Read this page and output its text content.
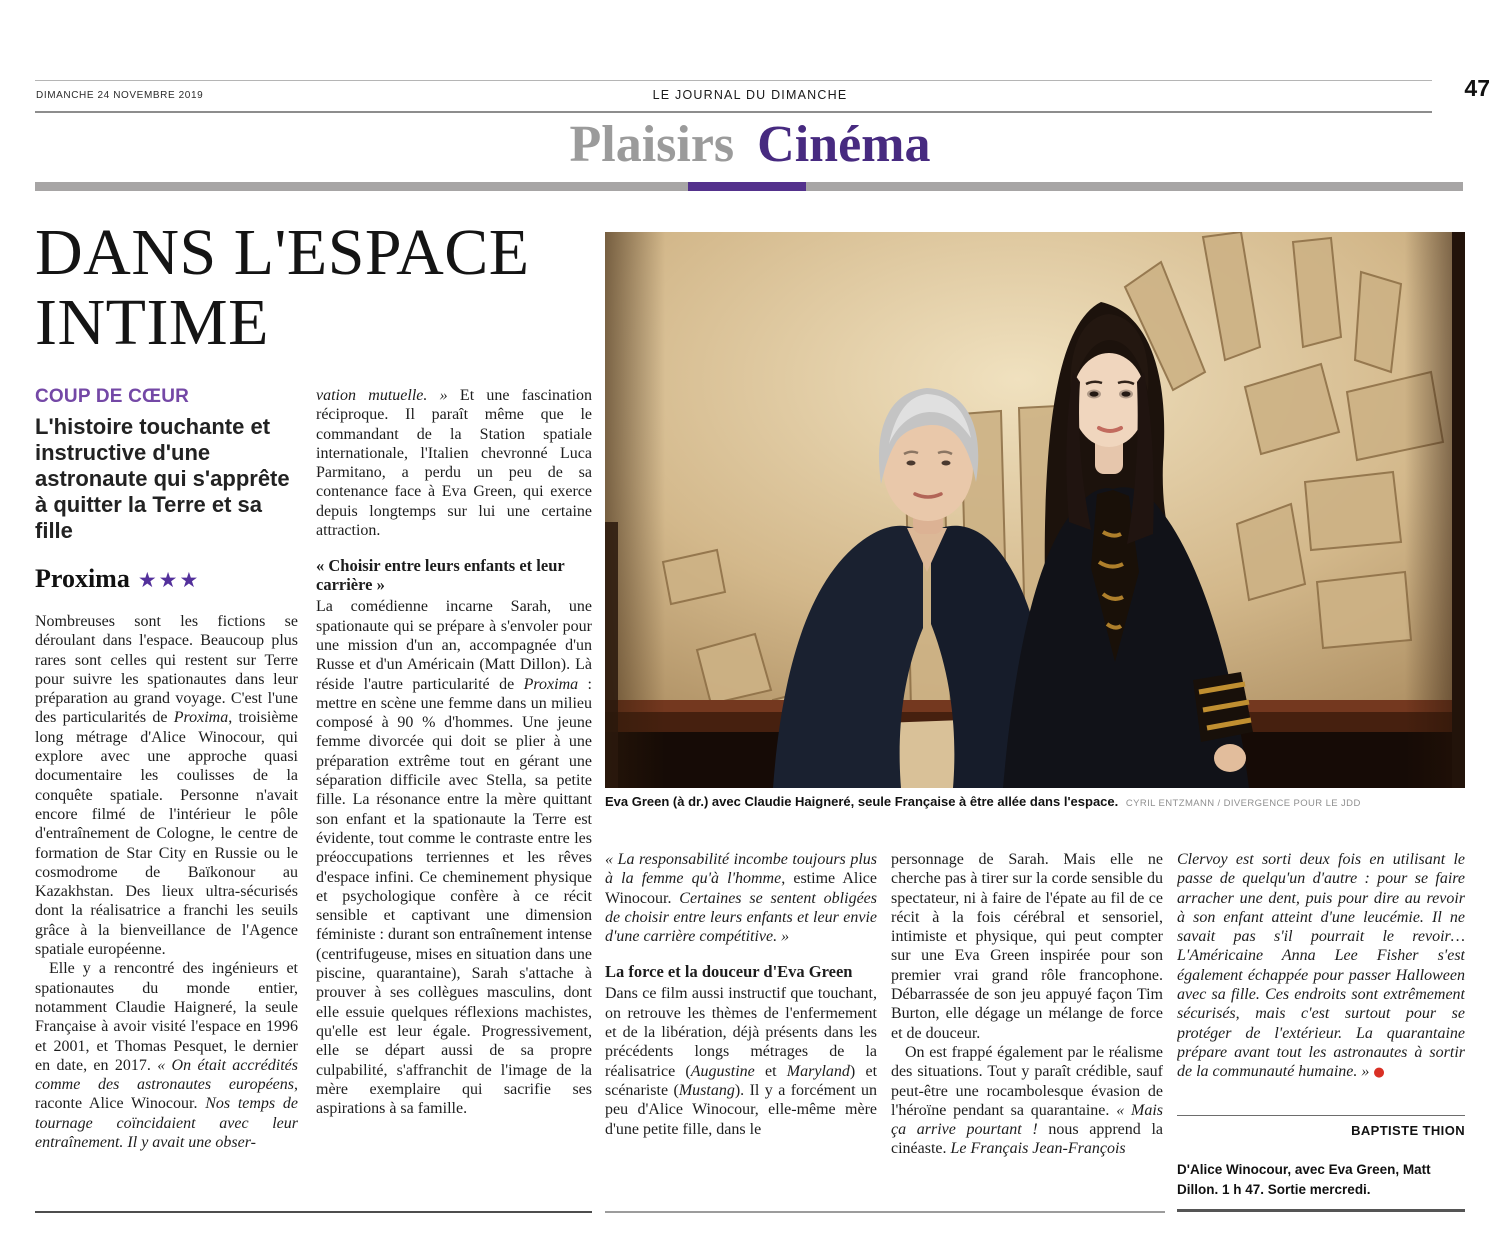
DIMANCHE 24 NOVEMBRE 2019	LE JOURNAL DU DIMANCHE	47
Plaisirs Cinéma
DANS L'ESPACE
INTIME
COUP DE CŒUR
L'histoire touchante et instructive d'une astronaute qui s'apprête à quitter la Terre et sa fille
Proxima ★★★

Nombreuses sont les fictions se déroulant dans l'espace. Beaucoup plus rares sont celles qui restent sur Terre pour suivre les spationautes dans leur préparation au grand voyage. C'est l'une des particularités de Proxima, troisième long métrage d'Alice Winocour, qui explore avec une approche quasi documentaire les coulisses de la conquête spatiale. Personne n'avait encore filmé de l'intérieur le pôle d'entraînement de Cologne, le centre de formation de Star City en Russie ou le cosmodrome de Baïkonour au Kazakhstan. Des lieux ultra-sécurisés dont la réalisatrice a franchi les seuils grâce à la bienveillance de l'Agence spatiale européenne.

Elle y a rencontré des ingénieurs et spationautes du monde entier, notamment Claudie Haigneré, la seule Française à avoir visité l'espace en 1996 et 2001, et Thomas Pesquet, le dernier en date, en 2017. « On était accrédités comme des astronautes européens, raconte Alice Winocour. Nos temps de tournage coïncidaient avec leur entraînement. Il y avait une obser-

vation mutuelle. » Et une fascination réciproque. Il paraît même que le commandant de la Station spatiale internationale, l'Italien chevronné Luca Parmitano, a perdu un peu de sa contenance face à Eva Green, qui exerce depuis longtemps sur lui une certaine attraction.

« Choisir entre leurs enfants et leur carrière »

La comédienne incarne Sarah, une spationaute qui se prépare à s'envoler pour une mission d'un an, accompagnée d'un Russe et d'un Américain (Matt Dillon). Là réside l'autre particularité de Proxima : mettre en scène une femme dans un milieu composé à 90 % d'hommes. Une jeune femme divorcée qui doit se plier à une préparation extrême tout en gérant une séparation difficile avec Stella, sa petite fille. La résonance entre la mère quittant son enfant et la spationaute la Terre est évidente, tout comme le contraste entre les préoccupations terriennes et les rêves d'espace infini. Ce cheminement physique et psychologique confère à ce récit sensible et captivant une dimension féministe : durant son entraînement intense (centrifugeuse, mises en situation dans une piscine, quarantaine), Sarah s'attache à prouver à ses collègues masculins, dont elle essuie quelques réflexions machistes, qu'elle est leur égale. Progressivement, elle se départ aussi de sa propre culpabilité, s'affranchit de l'image de la mère exemplaire qui sacrifie ses aspirations à sa famille.

Eva Green (à dr.) avec Claudie Haigneré, seule Française à être allée dans l'espace. CYRIL ENTZMANN / DIVERGENCE POUR LE JDD

« La responsabilité incombe toujours plus à la femme qu'à l'homme, estime Alice Winocour. Certaines se sentent obligées de choisir entre leurs enfants et leur envie d'une carrière compétitive. »

La force et la douceur d'Eva Green

Dans ce film aussi instructif que touchant, on retrouve les thèmes de l'enfermement et de la libération, déjà présents dans les précédents longs métrages de la réalisatrice (Augustine et Maryland) et scénariste (Mustang). Il y a forcément un peu d'Alice Winocour, elle-même mère d'une petite fille, dans le

personnage de Sarah. Mais elle ne cherche pas à tirer sur la corde sensible du spectateur, ni à faire de l'épate au fil de ce récit à la fois cérébral et sensoriel, intimiste et physique, qui peut compter sur une Eva Green inspirée pour son premier vrai grand rôle francophone. Débarrassée de son jeu appuyé façon Tim Burton, elle dégage un mélange de force et de douceur.

On est frappé également par le réalisme des situations. Tout y paraît crédible, sauf peut-être une rocambolesque évasion de l'héroïne pendant sa quarantaine. « Mais ça arrive pourtant ! nous apprend la cinéaste. Le Français Jean-François

Clervoy est sorti deux fois en utilisant le passe de quelqu'un d'autre : pour se faire arracher une dent, puis pour dire au revoir à son enfant atteint d'une leucémie. Il ne savait pas s'il pourrait le revoir… L'Américaine Anna Lee Fisher s'est également échappée pour passer Halloween avec sa fille. Ces endroits sont extrêmement sécurisés, mais c'est surtout pour se protéger de l'extérieur. La quarantaine prépare avant tout les astronautes à sortir de la communauté humaine. » ●

BAPTISTE THION
D'Alice Winocour, avec Eva Green, Matt Dillon. 1 h 47. Sortie mercredi.
